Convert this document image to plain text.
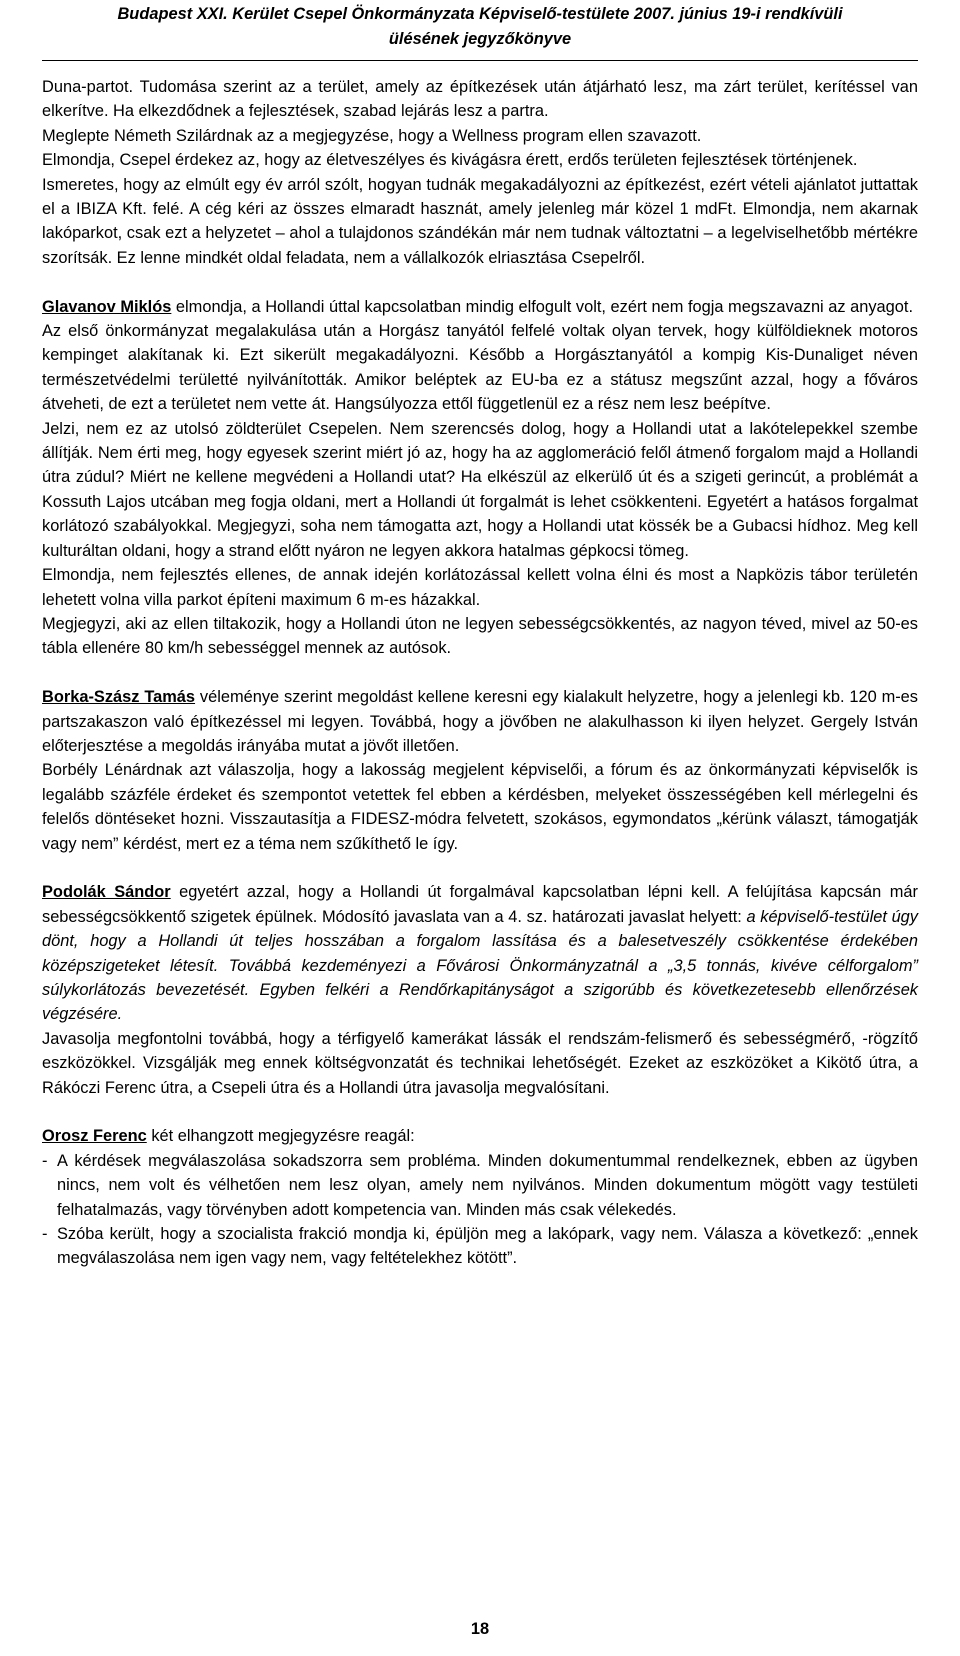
Budapest XXI. Kerület Csepel Önkormányzata Képviselő-testülete 2007. június 19-i rendkívüli
ülésének jegyzőkönyve

Duna-partot. Tudomása szerint az a terület, amely az építkezések után átjárható lesz, ma zárt terület, kerítéssel van elkerítve. Ha elkezdődnek a fejlesztések, szabad lejárás lesz a partra.

Meglepte Németh Szilárdnak az a megjegyzése, hogy a Wellness program ellen szavazott.

Elmondja, Csepel érdekez az, hogy az életveszélyes és kivágásra érett, erdős területen fejlesztések történjenek.

Ismeretes, hogy az elmúlt egy év arról szólt, hogyan tudnák megakadályozni az építkezést, ezért vételi ajánlatot juttattak el a IBIZA Kft. felé. A cég kéri az összes elmaradt hasznát, amely jelenleg már közel 1 mdFt. Elmondja, nem akarnak lakóparkot, csak ezt a helyzetet – ahol a tulajdonos szándékán már nem tudnak változtatni – a legelviselhetőbb mértékre szorítsák. Ez lenne mindkét oldal feladata, nem a vállalkozók elriasztása Csepelről.

Glavanov Miklós elmondja, a Hollandi úttal kapcsolatban mindig elfogult volt, ezért nem fogja megszavazni az anyagot.

Az első önkormányzat megalakulása után a Horgász tanyától felfelé voltak olyan tervek, hogy külföldieknek motoros kempinget alakítanak ki. Ezt sikerült megakadályozni. Később a Horgásztanyától a kompig Kis-Dunaliget néven természetvédelmi területté nyilvánították. Amikor beléptek az EU-ba ez a státusz megszűnt azzal, hogy a főváros átveheti, de ezt a területet nem vette át. Hangsúlyozza ettől függetlenül ez a rész nem lesz beépítve.

Jelzi, nem ez az utolsó zöldterület Csepelen. Nem szerencsés dolog, hogy a Hollandi utat a lakótelepekkel szembe állítják. Nem érti meg, hogy egyesek szerint miért jó az, hogy ha az agglomeráció felől átmenő forgalom majd a Hollandi útra zúdul? Miért ne kellene megvédeni a Hollandi utat? Ha elkészül az elkerülő út és a szigeti gerincút, a problémát a Kossuth Lajos utcában meg fogja oldani, mert a Hollandi út forgalmát is lehet csökkenteni. Egyetért a hatásos forgalmat korlátozó szabályokkal. Megjegyzi, soha nem támogatta azt, hogy a Hollandi utat kössék be a Gubacsi hídhoz. Meg kell kulturáltan oldani, hogy a strand előtt nyáron ne legyen akkora hatalmas gépkocsi tömeg.

Elmondja, nem fejlesztés ellenes, de annak idején korlátozással kellett volna élni és most a Napközis tábor területén lehetett volna villa parkot építeni maximum 6 m-es házakkal.

Megjegyzi, aki az ellen tiltakozik, hogy a Hollandi úton ne legyen sebességcsökkentés, az nagyon téved, mivel az 50-es tábla ellenére 80 km/h sebességgel mennek az autósok.

Borka-Szász Tamás véleménye szerint megoldást kellene keresni egy kialakult helyzetre, hogy a jelenlegi kb. 120 m-es partszakaszon való építkezéssel mi legyen. Továbbá, hogy a jövőben ne alakulhasson ki ilyen helyzet. Gergely István előterjesztése a megoldás irányába mutat a jövőt illetően.

Borbély Lénárdnak azt válaszolja, hogy a lakosság megjelent képviselői, a fórum és az önkormányzati képviselők is legalább százféle érdeket és szempontot vetettek fel ebben a kérdésben, melyeket összességében kell mérlegelni és felelős döntéseket hozni. Visszautasítja a FIDESZ-módra felvetett, szokásos, egymondatos „kérünk választ, támogatják vagy nem” kérdést, mert ez a téma nem szűkíthető le így.

Podolák Sándor egyetért azzal, hogy a Hollandi út forgalmával kapcsolatban lépni kell. A felújítása kapcsán már sebességcsökkentő szigetek épülnek. Módosító javaslata van a 4. sz. határozati javaslat helyett: a képviselő-testület úgy dönt, hogy a Hollandi út teljes hosszában a forgalom lassítása és a balesetveszély csökkentése érdekében középszigeteket létesít. Továbbá kezdeményezi a Fővárosi Önkormányzatnál a „3,5 tonnás, kivéve célforgalom” súlykorlátozás bevezetését. Egyben felkéri a Rendőrkapitányságot a szigorúbb és következetesebb ellenőrzések végzésére.

Javasolja megfontolni továbbá, hogy a térfigyelő kamerákat lássák el rendszám-felismerő és sebességmérő, -rögzítő eszközökkel. Vizsgálják meg ennek költségvonzatát és technikai lehetőségét. Ezeket az eszközöket a Kikötő útra, a Rákóczi Ferenc útra, a Csepeli útra és a Hollandi útra javasolja megvalósítani.

Orosz Ferenc két elhangzott megjegyzésre reagál:

- A kérdések megválaszolása sokadszorra sem probléma. Minden dokumentummal rendelkeznek, ebben az ügyben nincs, nem volt és vélhetően nem lesz olyan, amely nem nyilvános. Minden dokumentum mögött vagy testületi felhatalmazás, vagy törvényben adott kompetencia van. Minden más csak vélekedés.
- Szóba került, hogy a szocialista frakció mondja ki, épüljön meg a lakópark, vagy nem. Válasza a következő: „ennek megválaszolása nem igen vagy nem, vagy feltételekhez kötött”.
18
